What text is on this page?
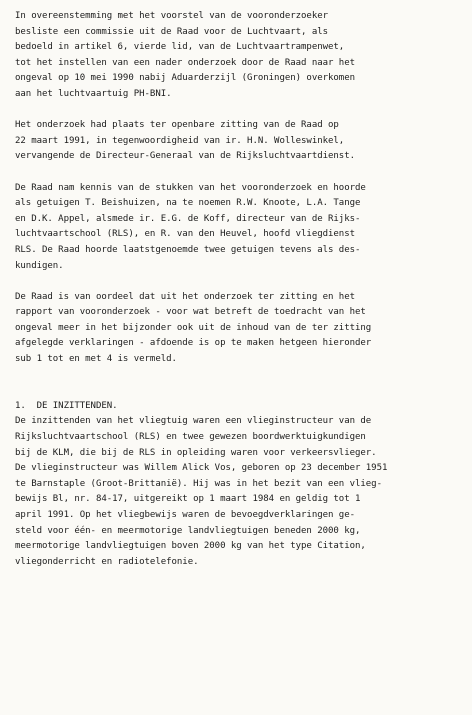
In overeenstemming met het voorstel van de vooronderzoeker
besliste een commissie uit de Raad voor de Luchtvaart, als
bedoeld in artikel 6, vierde lid, van de Luchtvaartrampenwet,
tot het instellen van een nader onderzoek door de Raad naar het
ongeval op 10 mei 1990 nabij Aduarderzijl (Groningen) overkomen
aan het luchtvaartuig PH-BNI.
Het onderzoek had plaats ter openbare zitting van de Raad op
22 maart 1991, in tegenwoordigheid van ir. H.N. Wolleswinkel,
vervangende de Directeur-Generaal van de Rijksluchtvaartdienst.
De Raad nam kennis van de stukken van het vooronderzoek en hoorde
als getuigen T. Beishuizen, na te noemen R.W. Knoote, L.A. Tange
en D.K. Appel, alsmede ir. E.G. de Koff, directeur van de Rijks-
luchtvaartschool (RLS), en R. van den Heuvel, hoofd vliegdienst
RLS. De Raad hoorde laatstgenoemde twee getuigen tevens als des-
kundigen.
De Raad is van oordeel dat uit het onderzoek ter zitting en het
rapport van vooronderzoek - voor wat betreft de toedracht van het
ongeval meer in het bijzonder ook uit de inhoud van de ter zitting
afgelegde verklaringen - afdoende is op te maken hetgeen hieronder
sub 1 tot en met 4 is vermeld.
1.  DE INZITTENDEN.
De inzittenden van het vliegtuig waren een vlieginstructeur van de
Rijksluchtvaartschool (RLS) en twee gewezen boordwerktuigkundigen
bij de KLM, die bij de RLS in opleiding waren voor verkeersvlieger.
De vlieginstructeur was Willem Alick Vos, geboren op 23 december 1951
te Barnstaple (Groot-Brittanië). Hij was in het bezit van een vlieg-
bewijs Bl, nr. 84-17, uitgereikt op 1 maart 1984 en geldig tot 1
april 1991. Op het vliegbewijs waren de bevoegdverklaringen ge-
steld voor één- en meermotorige landvliegtuigen beneden 2000 kg,
meermotorige landvliegtuigen boven 2000 kg van het type Citation,
vliegonderricht en radiotelefonie.
